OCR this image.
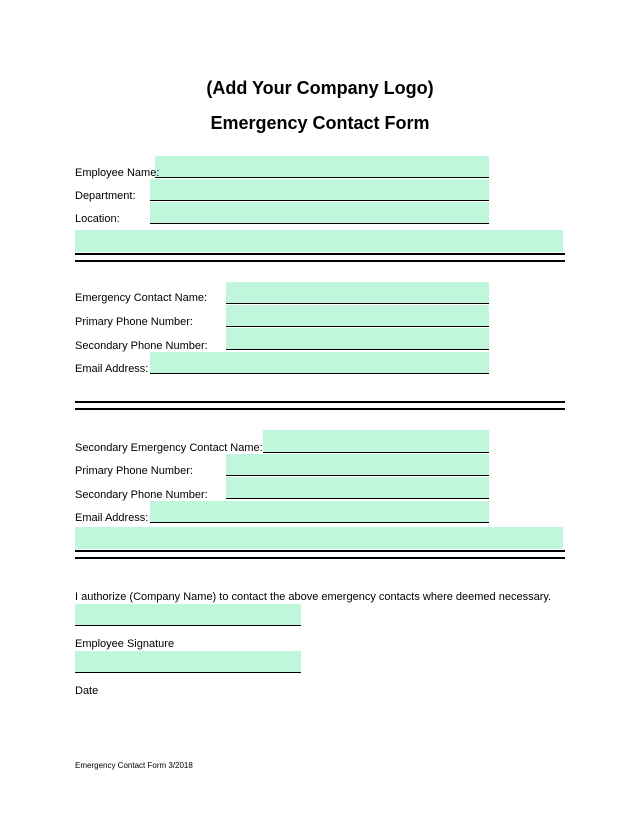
(Add Your Company Logo)
Emergency Contact Form
Employee Name:
Department:
Location:
Emergency Contact Name:
Primary Phone Number:
Secondary Phone Number:
Email Address:
Secondary Emergency Contact Name:
Primary Phone Number:
Secondary Phone Number:
Email Address:
I authorize (Company Name) to contact the above emergency contacts where deemed necessary.
Employee Signature
Date
Emergency Contact Form 3/2018
